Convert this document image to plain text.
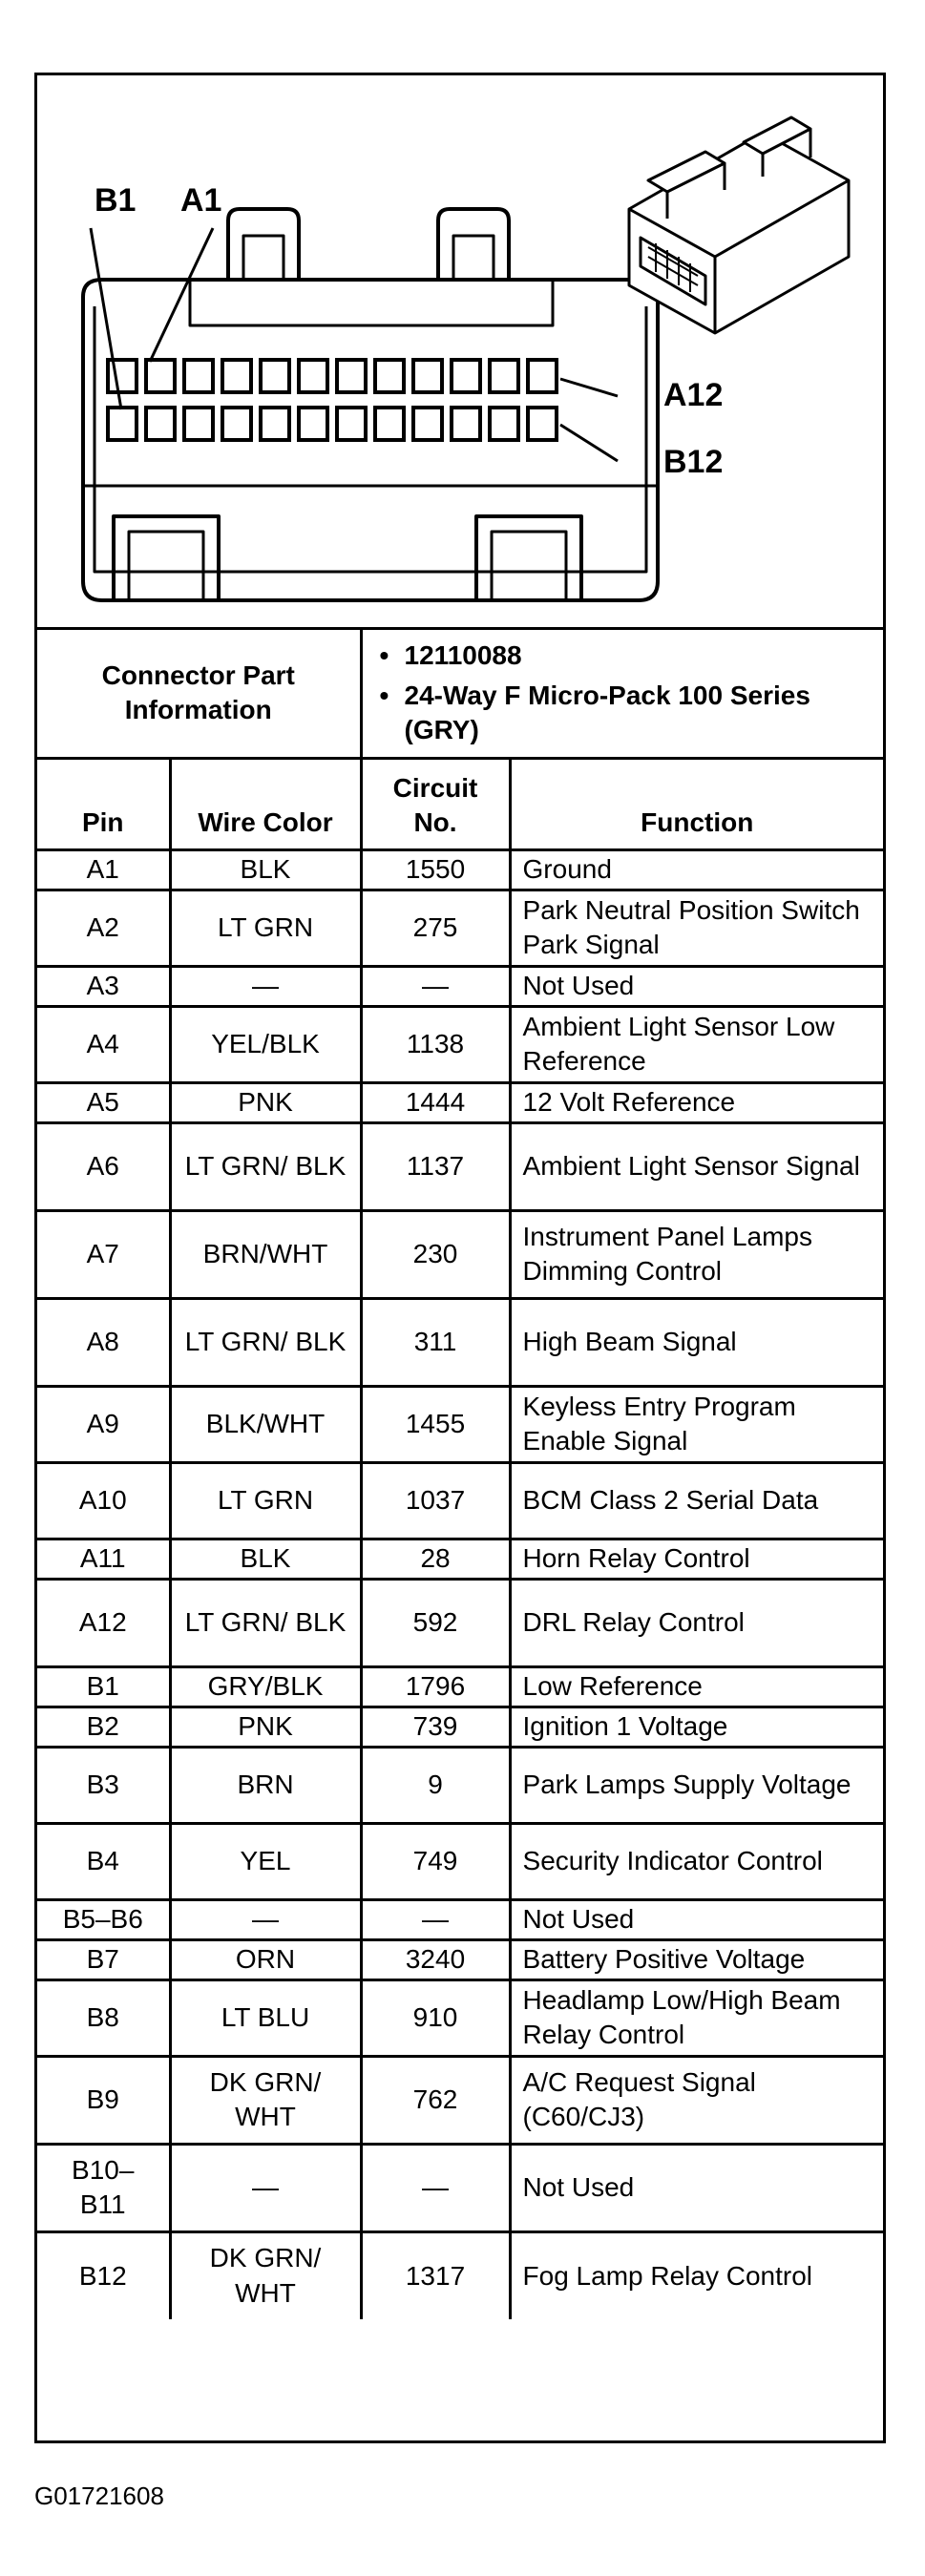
B1 A1
A12
B12
Connector Part Information		• 12110088
• 24-Way F Micro-Pack 100 Series (GRY)	

Pin	Wire Color	Circuit No.	Function
A1	BLK	1550	Ground
A2	LT GRN	275	Park Neutral Position Switch Park Signal
A3	—	—	Not Used
A4	YEL/BLK	1138	Ambient Light Sensor Low Reference
A5	PNK	1444	12 Volt Reference
A6	LT GRN/ BLK	1137	Ambient Light Sensor Signal
A7	BRN/WHT	230	Instrument Panel Lamps Dimming Control
A8	LT GRN/ BLK	311	High Beam Signal
A9	BLK/WHT	1455	Keyless Entry Program Enable Signal
A10	LT GRN	1037	BCM Class 2 Serial Data
A11	BLK	28	Horn Relay Control
A12	LT GRN/ BLK	592	DRL Relay Control
B1	GRY/BLK	1796	Low Reference
B2	PNK	739	Ignition 1 Voltage
B3	BRN	9	Park Lamps Supply Voltage
B4	YEL	749	Security Indicator Control
B5–B6	—	—	Not Used
B7	ORN	3240	Battery Positive Voltage
B8	LT BLU	910	Headlamp Low/High Beam Relay Control
B9	DK GRN/ WHT	762	A/C Request Signal (C60/CJ3)
B10– B11	—	—	Not Used
B12	DK GRN/ WHT	1317	Fog Lamp Relay Control
G01721608
